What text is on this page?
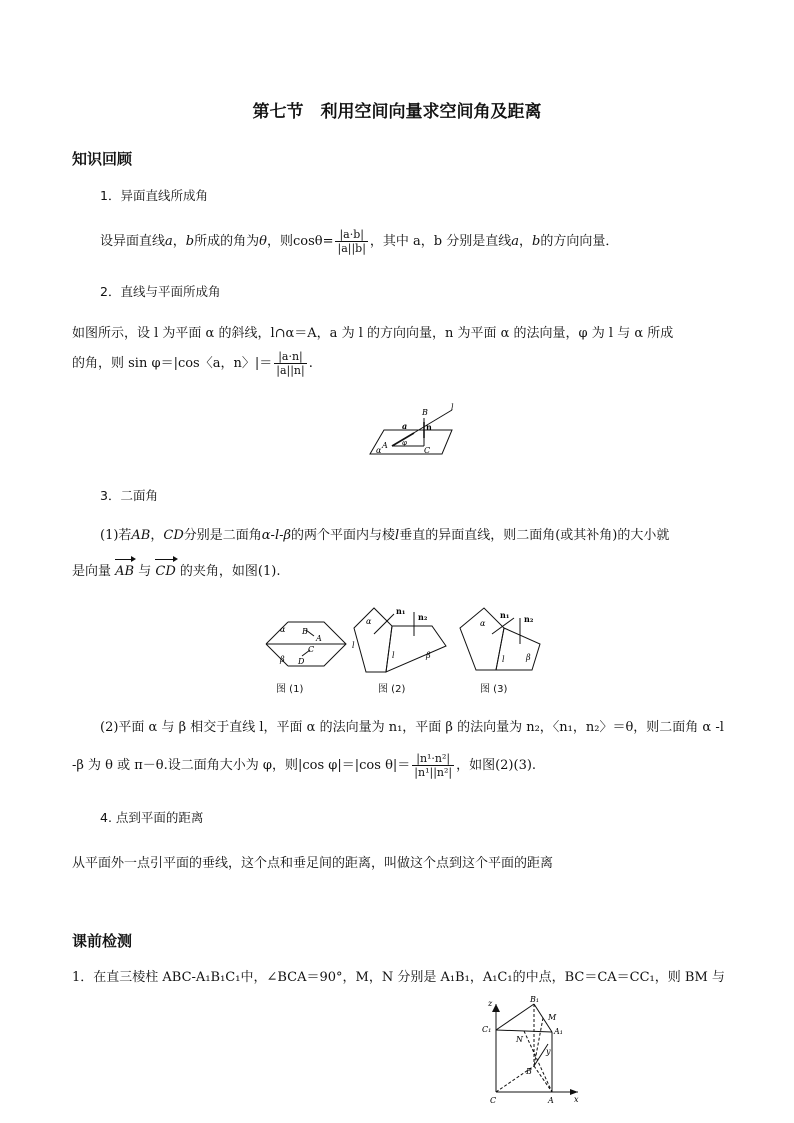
第七节　利用空间向量求空间角及距离
知识回顾
1．异面直线所成角
设异面直线a，b所成的角为θ，则$\cos\theta= \frac{|a\cdot b|}{|a||b|}$ ，其中 a，b 分别是直线a，b的方向向量．
2．直线与平面所成角
如图所示，设 l 为平面 α 的斜线，l∩α＝A，a 为 l 的方向向量，n 为平面 α 的法向量，φ 为 l 与 α 所成
的角，则 sin φ＝|cos〈a，n〉|＝ $\frac{|a\cdot n|}{|a||n|}$ .
B
l
a n
A φ
C
α
3．二面角
(1)若AB，CD分别是二面角α-l-β的两个平面内与棱l垂直的异面直线，则二面角(或其补角)的大小就
是向量 AB 与 CD 的夹角，如图(1).
α B
A
C	l
β D
图 (1)
n₁
n₂
α
l	β
图 (2)
n₁ n₂
α
l	β
图 (3)
(2)平面 α 与 β 相交于直线 l，平面 α 的法向量为 n₁，平面 β 的法向量为 n₂，〈n₁，n₂〉＝θ，则二面角 α -l
-β 为 θ 或 π－θ.设二面角大小为 φ，则|cos φ|＝|cos $\theta|= \frac{\text{|n¹·n²|}}{\text{|n¹||n²|}}$ ，如图(2)(3).
4. 点到平面的距离
从平面外一点引平面的垂线，这个点和垂足间的距离，叫做这个点到这个平面的距离
课前检测
1．在直三棱柱 ABC-A₁B₁C₁中，∠BCA＝90°，M，N 分别是 A₁B₁，A₁C₁的中点，BC＝CA＝CC₁，则 BM 与
z	B₁
M
C₁	A₁
N
y
B
C	A	x
